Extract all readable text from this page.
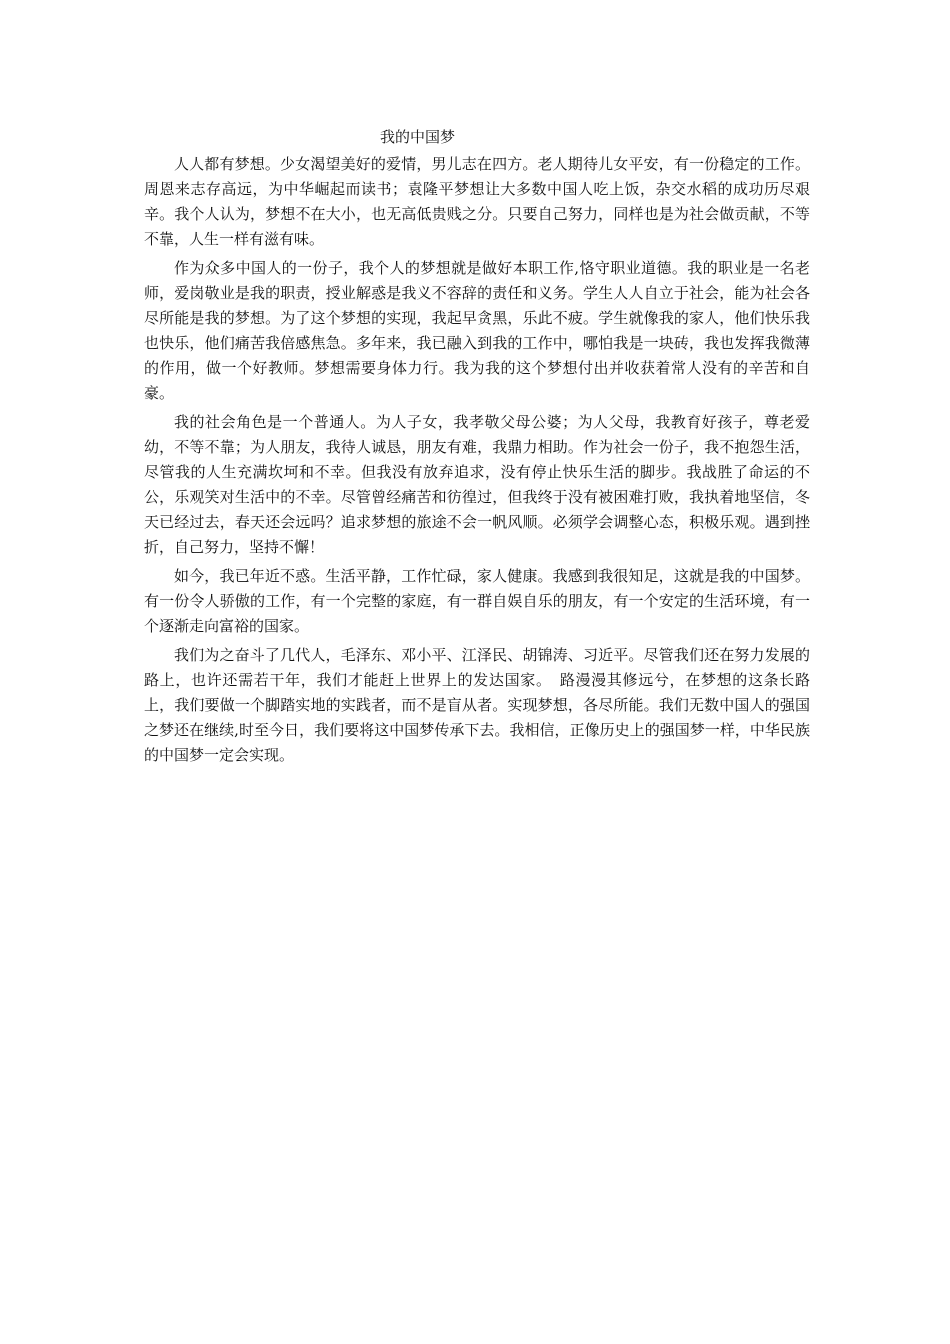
我的中国梦

人人都有梦想。少女渴望美好的爱情，男儿志在四方。老人期待儿女平安，有一份稳定的工作。周恩来志存高远，为中华崛起而读书；袁隆平梦想让大多数中国人吃上饭，杂交水稻的成功历尽艰辛。我个人认为，梦想不在大小，也无高低贵贱之分。只要自己努力，同样也是为社会做贡献，不等不靠，人生一样有滋有味。

作为众多中国人的一份子，我个人的梦想就是做好本职工作,恪守职业道德。我的职业是一名老师，爱岗敬业是我的职责，授业解惑是我义不容辞的责任和义务。学生人人自立于社会，能为社会各尽所能是我的梦想。为了这个梦想的实现，我起早贪黑，乐此不疲。学生就像我的家人，他们快乐我也快乐，他们痛苦我倍感焦急。多年来，我已融入到我的工作中，哪怕我是一块砖，我也发挥我微薄的作用，做一个好教师。梦想需要身体力行。我为我的这个梦想付出并收获着常人没有的辛苦和自豪。

我的社会角色是一个普通人。为人子女，我孝敬父母公婆；为人父母，我教育好孩子，尊老爱幼，不等不靠；为人朋友，我待人诚恳，朋友有难，我鼎力相助。作为社会一份子，我不抱怨生活，尽管我的人生充满坎坷和不幸。但我没有放弃追求，没有停止快乐生活的脚步。我战胜了命运的不公，乐观笑对生活中的不幸。尽管曾经痛苦和彷徨过，但我终于没有被困难打败，我执着地坚信，冬天已经过去，春天还会远吗？追求梦想的旅途不会一帆风顺。必须学会调整心态，积极乐观。遇到挫折，自己努力，坚持不懈！

如今，我已年近不惑。生活平静，工作忙碌，家人健康。我感到我很知足，这就是我的中国梦。有一份令人骄傲的工作，有一个完整的家庭，有一群自娱自乐的朋友，有一个安定的生活环境，有一个逐渐走向富裕的国家。

我们为之奋斗了几代人，毛泽东、邓小平、江泽民、胡锦涛、习近平。尽管我们还在努力发展的路上，也许还需若干年，我们才能赶上世界上的发达国家。　路漫漫其修远兮，在梦想的这条长路上，我们要做一个脚踏实地的实践者，而不是盲从者。实现梦想，各尽所能。我们无数中国人的强国之梦还在继续,时至今日，我们要将这中国梦传承下去。我相信，正像历史上的强国梦一样，中华民族的中国梦一定会实现。
